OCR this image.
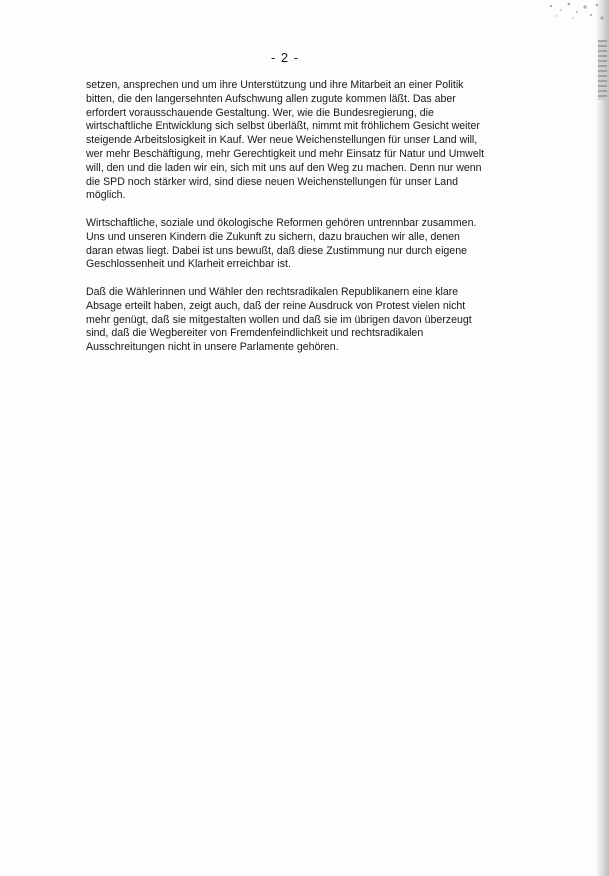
- 2 -

setzen, ansprechen und um ihre Unterstützung und ihre Mitarbeit an einer Politik
bitten, die den langersehnten Aufschwung allen zugute kommen läßt. Das aber
erfordert vorausschauende Gestaltung. Wer, wie die Bundesregierung, die
wirtschaftliche Entwicklung sich selbst überläßt, nimmt mit fröhlichem Gesicht weiter
steigende Arbeitslosigkeit in Kauf. Wer neue Weichenstellungen für unser Land will,
wer mehr Beschäftigung, mehr Gerechtigkeit und mehr Einsatz für Natur und Umwelt
will, den und die laden wir ein, sich mit uns auf den Weg zu machen. Denn nur wenn
die SPD noch stärker wird, sind diese neuen Weichenstellungen für unser Land
möglich.

Wirtschaftliche, soziale und ökologische Reformen gehören untrennbar zusammen.
Uns und unseren Kindern die Zukunft zu sichern, dazu brauchen wir alle, denen
daran etwas liegt. Dabei ist uns bewußt, daß diese Zustimmung nur durch eigene
Geschlossenheit und Klarheit erreichbar ist.

Daß die Wählerinnen und Wähler den rechtsradikalen Republikanern eine klare
Absage erteilt haben, zeigt auch, daß der reine Ausdruck von Protest vielen nicht
mehr genügt, daß sie mitgestalten wollen und daß sie im übrigen davon überzeugt
sind, daß die Wegbereiter von Fremdenfeindlichkeit und rechtsradikalen
Ausschreitungen nicht in unsere Parlamente gehören.
